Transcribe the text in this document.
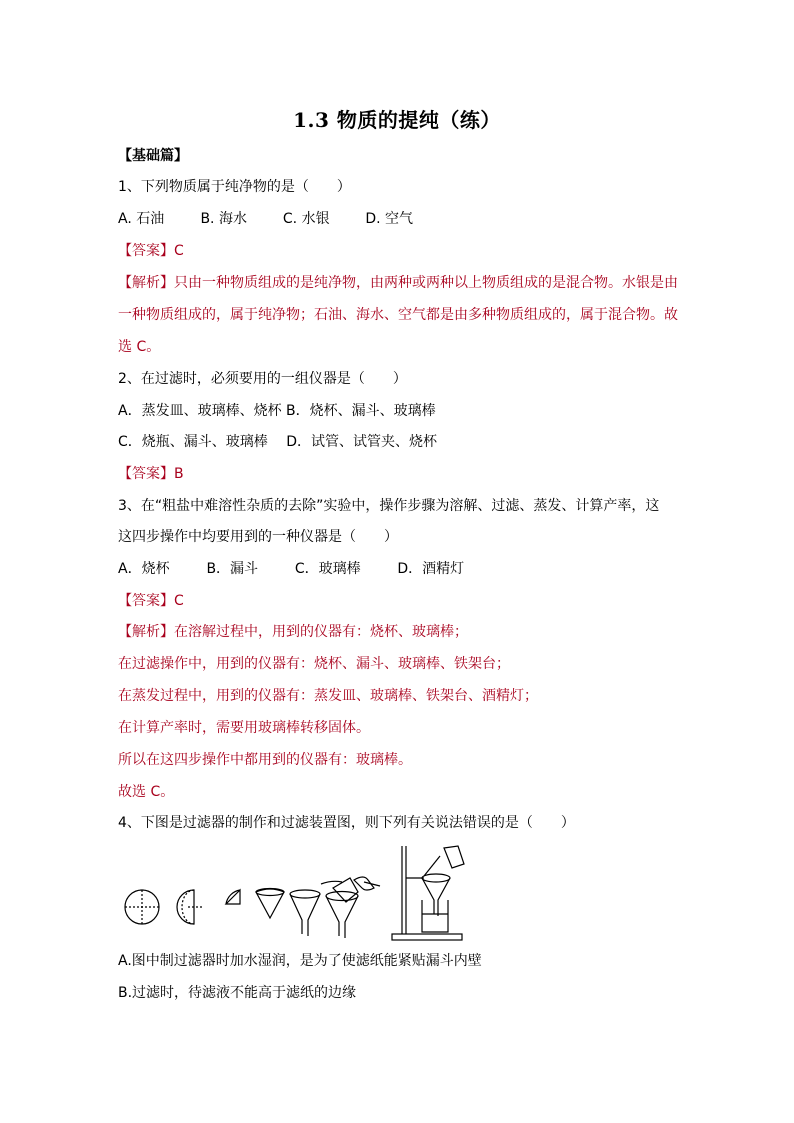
1.3 物质的提纯（练）
【基础篇】
1、下列物质属于纯净物的是（　　）
A. 石油	B. 海水	C. 水银	D. 空气
【答案】C
【解析】只由一种物质组成的是纯净物，由两种或两种以上物质组成的是混合物。水银是由
一种物质组成的，属于纯净物；石油、海水、空气都是由多种物质组成的，属于混合物。故
选 C。
2、在过滤时，必须要用的一组仪器是（　　）
A．蒸发皿、玻璃棒、烧杯 B．烧杯、漏斗、玻璃棒
C．烧瓶、漏斗、玻璃棒　 D．试管、试管夹、烧杯
【答案】B
3、在“粗盐中难溶性杂质的去除”实验中，操作步骤为溶解、过滤、蒸发、计算产率，这
这四步操作中均要用到的一种仪器是（　　）
A．烧杯	B．漏斗	C．玻璃棒	D．酒精灯
【答案】C
【解析】在溶解过程中，用到的仪器有：烧杯、玻璃棒；
在过滤操作中，用到的仪器有：烧杯、漏斗、玻璃棒、铁架台；
在蒸发过程中，用到的仪器有：蒸发皿、玻璃棒、铁架台、酒精灯；
在计算产率时，需要用玻璃棒转移固体。
所以在这四步操作中都用到的仪器有：玻璃棒。
故选 C。
4、下图是过滤器的制作和过滤装置图，则下列有关说法错误的是（　　）
A.图中制过滤器时加水湿润，是为了使滤纸能紧贴漏斗内壁
B.过滤时，待滤液不能高于滤纸的边缘
